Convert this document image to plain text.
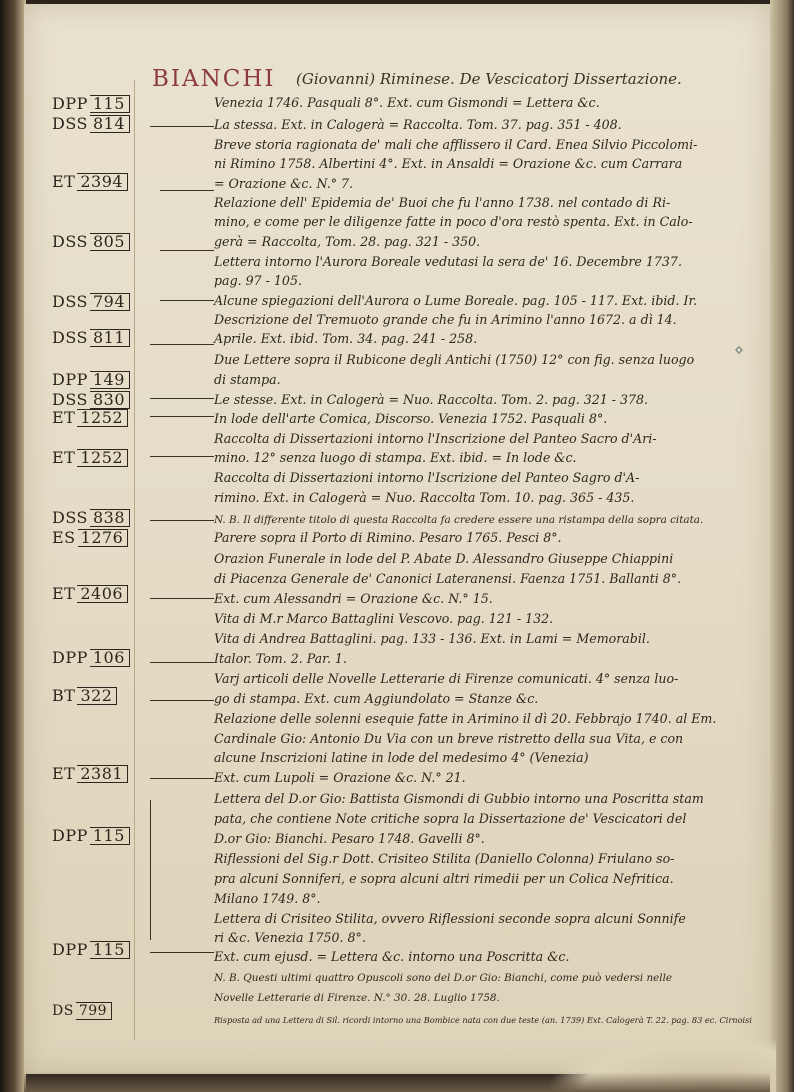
BIANCHI (Giovanni) Riminese. De Vescicatorj Dissertazione.
DPP 115
DSS 814
ET 2394
DSS 805
DSS 794
DSS 811
DPP 149
DSS 830
ET 1252
ET 1252
DSS 838
ES 1276
ET 2406
DPP 106
BT 322
ET 2381
DPP 115
DPP 115
DS 799
Venezia 1746. Pasquali 8°. Ext. cum Gismondi = Lettera &c.
La stessa. Ext. in Calogerà = Raccolta. Tom. 37. pag. 351 - 408.
Breve storia ragionata de' mali che afflissero il Card. Enea Silvio Piccolomi-
ni Rimino 1758. Albertini 4°. Ext. in Ansaldi = Orazione &c. cum Carrara
= Orazione &c. N.° 7.
Relazione dell' Epidemia de' Buoi che fu l'anno 1738. nel contado di Ri-
mino, e come per le diligenze fatte in poco d'ora restò spenta. Ext. in Calo-
gerà = Raccolta, Tom. 28. pag. 321 - 350.
Lettera intorno l'Aurora Boreale vedutasi la sera de' 16. Decembre 1737.
pag. 97 - 105.
Alcune spiegazioni dell'Aurora o Lume Boreale. pag. 105 - 117. Ext. ibid. Ir.
Descrizione del Tremuoto grande che fu in Arimino l'anno 1672. a dì 14.
Aprile. Ext. ibid. Tom. 34. pag. 241 - 258.
Due Lettere sopra il Rubicone degli Antichi (1750) 12° con fig. senza luogo
di stampa.
Le stesse. Ext. in Calogerà = Nuo. Raccolta. Tom. 2. pag. 321 - 378.
In lode dell'arte Comica, Discorso. Venezia 1752. Pasquali 8°.
Raccolta di Dissertazioni intorno l'Inscrizione del Panteo Sacro d'Ari-
mino. 12° senza luogo di stampa. Ext. ibid. = In lode &c.
Raccolta di Dissertazioni intorno l'Iscrizione del Panteo Sagro d'A-
rimino. Ext. in Calogerà = Nuo. Raccolta Tom. 10. pag. 365 - 435.
N. B. Il differente titolo di questa Raccolta fa credere essere una ristampa della sopra citata.
Parere sopra il Porto di Rimino. Pesaro 1765. Pesci 8°.
Orazion Funerale in lode del P. Abate D. Alessandro Giuseppe Chiappini
di Piacenza Generale de' Canonici Lateranensi. Faenza 1751. Ballanti 8°.
Ext. cum Alessandri = Orazione &c. N.° 15.
Vita di M.r Marco Battaglini Vescovo. pag. 121 - 132.
Vita di Andrea Battaglini. pag. 133 - 136. Ext. in Lami = Memorabil.
Italor. Tom. 2. Par. 1.
Varj articoli delle Novelle Letterarie di Firenze comunicati. 4° senza luo-
go di stampa. Ext. cum Aggiundolato = Stanze &c.
Relazione delle solenni esequie fatte in Arimino il dì 20. Febbrajo 1740. al Em.
Cardinale Gio: Antonio Du Via con un breve ristretto della sua Vita, e con
alcune Inscrizioni latine in lode del medesimo 4° (Venezia)
Ext. cum Lupoli = Orazione &c. N.° 21.
Lettera del D.or Gio: Battista Gismondi di Gubbio intorno una Poscritta stam
pata, che contiene Note critiche sopra la Dissertazione de' Vescicatori del
D.or Gio: Bianchi. Pesaro 1748. Gavelli 8°.
Riflessioni del Sig.r Dott. Crisiteo Stilita (Daniello Colonna) Friulano so-
pra alcuni Sonniferi, e sopra alcuni altri rimedii per un Colica Nefritica.
Milano 1749. 8°.
Lettera di Crisiteo Stilita, ovvero Riflessioni seconde sopra alcuni Sonnife
ri &c. Venezia 1750. 8°.
Ext. cum ejusd. = Lettera &c. intorno una Poscritta &c.
N. B. Questi ultimi quattro Opuscoli sono del D.or Gio: Bianchi, come può vedersi nelle
Novelle Letterarie di Firenze. N.° 30. 28. Luglio 1758.
Risposta ad una Lettera di Sil. ricordi intorno una Bombice nata con due teste (an. 1739) Ext. Calogerà T. 22. pag. 83 ec. Cirnoisi
⋄
